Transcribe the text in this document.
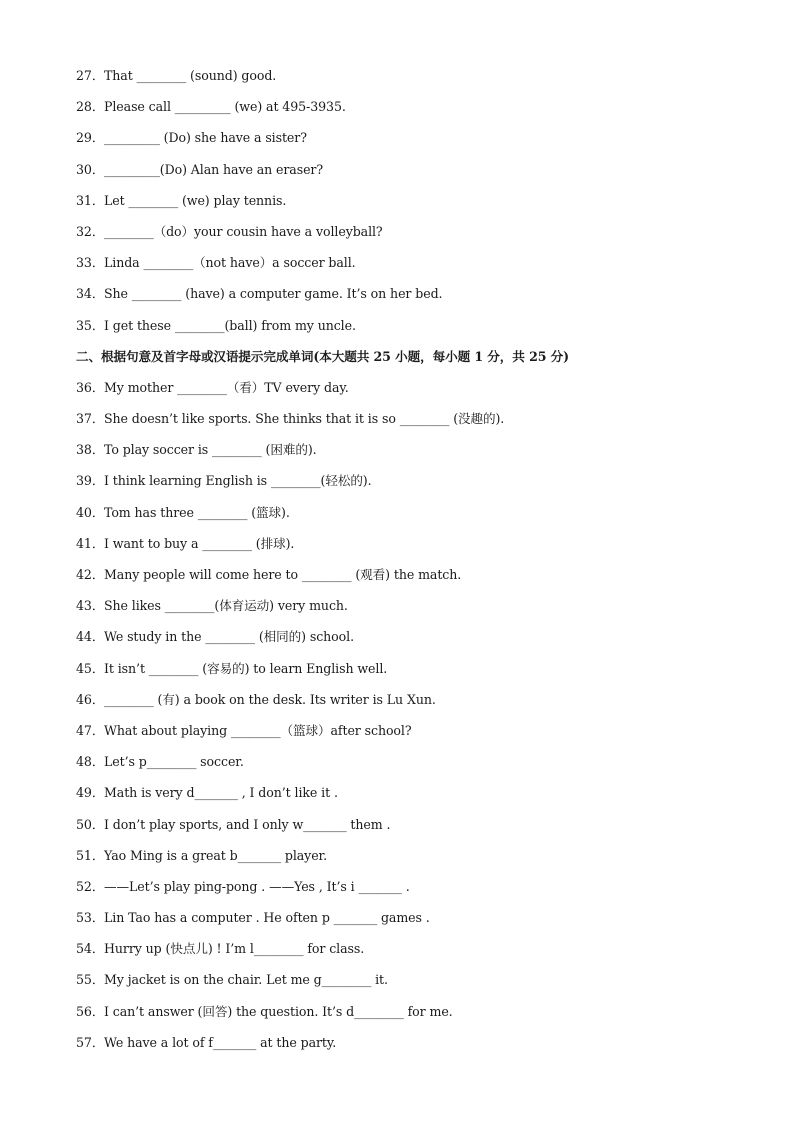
27．That ________ (sound) good.
28．Please call _________ (we) at 495-3935.
29．_________ (Do) she have a sister?
30．_________(Do) Alan have an eraser?
31．Let ________ (we) play tennis.
32．________（do）your cousin have a volleyball?
33．Linda ________（not have）a soccer ball.
34．She ________ (have) a computer game. It’s on her bed.
35．I get these ________(ball) from my uncle.
二、根据句意及首字母或汉语提示完成单词(本大题共 25 小题，每小题 1 分，共 25 分)
36．My mother ________（看）TV every day.
37．She doesn’t like sports. She thinks that it is so ________ (没趣的).
38．To play soccer is ________ (困难的).
39．I think learning English is ________(轻松的).
40．Tom has three ________ (篮球).
41．I want to buy a ________ (排球).
42．Many people will come here to ________ (观看) the match.
43．She likes ________(体育运动) very much.
44．We study in the ________ (相同的) school.
45．It isn’t ________ (容易的) to learn English well.
46．________ (有) a book on the desk. Its writer is Lu Xun.
47．What about playing ________（篮球）after school?
48．Let’s p________ soccer.
49．Math is very d_______ , I don’t like it .
50．I don’t play sports, and I only w_______ them .
51．Yao Ming is a great b_______ player.
52．——Let’s play ping-pong . ——Yes , It’s i _______ .
53．Lin Tao has a computer . He often p _______ games .
54．Hurry up (快点儿) ! I’m l________ for class.
55．My jacket is on the chair. Let me g________ it.
56．I can’t answer (回答) the question. It’s d________ for me.
57．We have a lot of f_______ at the party.
